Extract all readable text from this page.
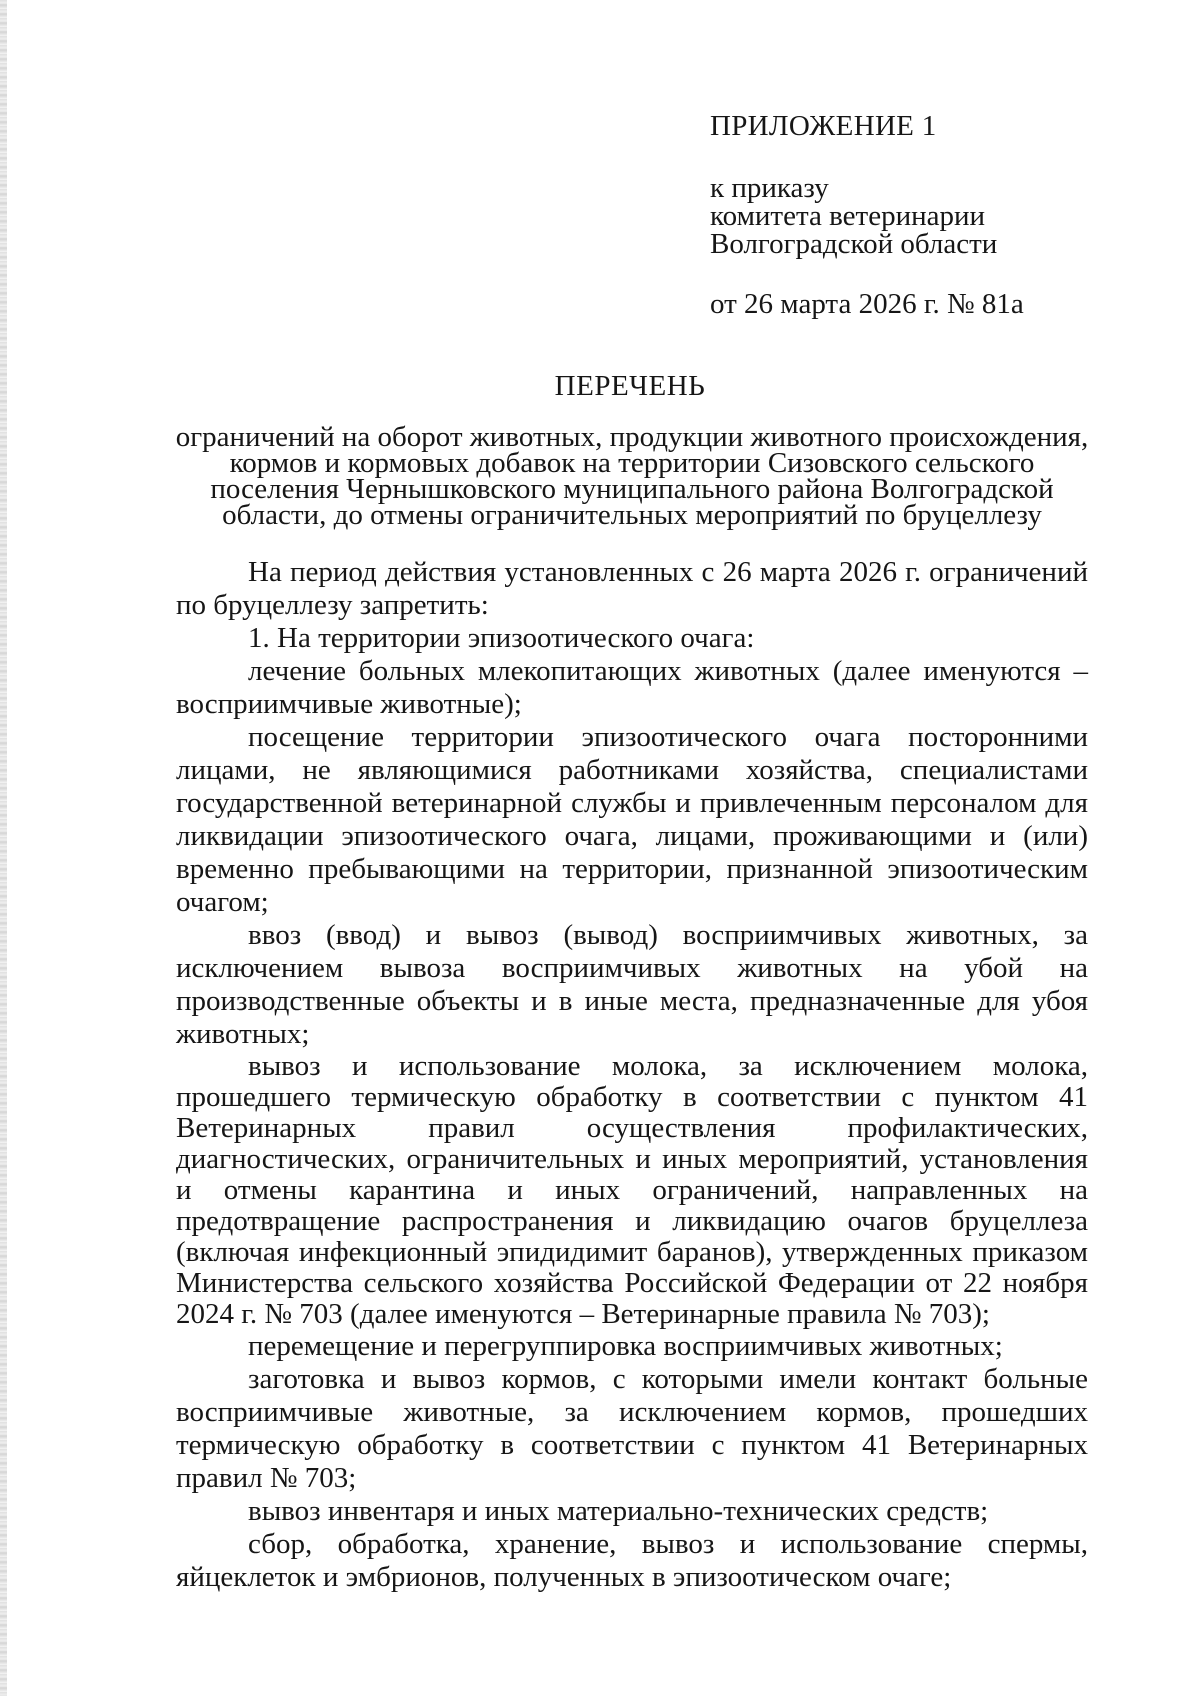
ПРИЛОЖЕНИЕ 1

к приказу

комитета ветеринарии

Волгоградской области

от 26 марта 2026 г. № 81а

ПЕРЕЧЕНЬ
ограничений на оборот животных, продукции животного происхождения,
кормов и кормовых добавок на территории Сизовского сельского
поселения Чернышковского муниципального района Волгоградской
области, до отмены ограничительных мероприятий по бруцеллезу

На период действия установленных с 26 марта 2026 г. ограничений по бруцеллезу запретить:

1. На территории эпизоотического очага:

лечение больных млекопитающих животных (далее именуются – восприимчивые животные);

посещение территории эпизоотического очага посторонними лицами, не являющимися работниками хозяйства, специалистами государственной ветеринарной службы и привлеченным персоналом для ликвидации эпизоотического очага, лицами, проживающими и (или) временно пребывающими на территории, признанной эпизоотическим очагом;

ввоз (ввод) и вывоз (вывод) восприимчивых животных, за исключением вывоза восприимчивых животных на убой на производственные объекты и в иные места, предназначенные для убоя животных;

вывоз и использование молока, за исключением молока, прошедшего термическую обработку в соответствии с пунктом 41 Ветеринарных правил осуществления профилактических, диагностических, ограничительных и иных мероприятий, установления и отмены карантина и иных ограничений, направленных на предотвращение распространения и ликвидацию очагов бруцеллеза (включая инфекционный эпидидимит баранов), утвержденных приказом Министерства сельского хозяйства Российской Федерации от 22 ноября 2024 г. № 703 (далее именуются – Ветеринарные правила № 703);

перемещение и перегруппировка восприимчивых животных;

заготовка и вывоз кормов, с которыми имели контакт больные восприимчивые животные, за исключением кормов, прошедших термическую обработку в соответствии с пунктом 41 Ветеринарных правил № 703;

вывоз инвентаря и иных материально-технических средств;

сбор, обработка, хранение, вывоз и использование спермы, яйцеклеток и эмбрионов, полученных в эпизоотическом очаге;
